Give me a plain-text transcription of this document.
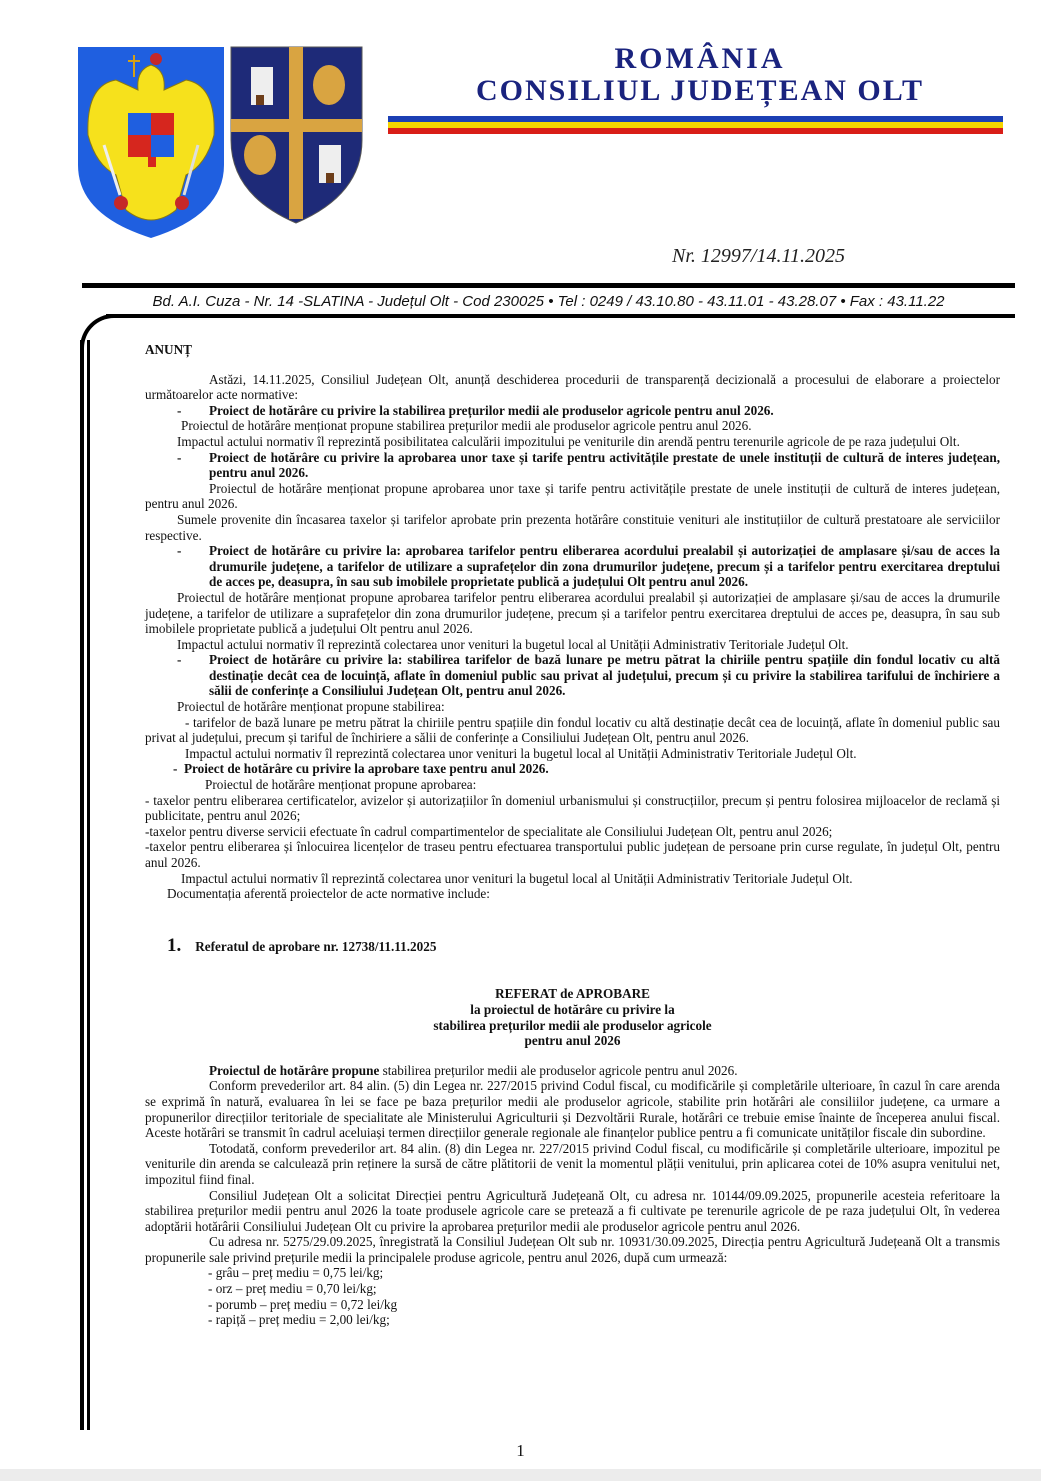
ROMÂNIA
CONSILIUL JUDEȚEAN OLT
Nr. 12997/14.11.2025
Bd. A.I. Cuza - Nr. 14 -SLATINA - Județul Olt - Cod 230025 • Tel : 0249 / 43.10.80 - 43.11.01 - 43.28.07 • Fax : 43.11.22

ANUNȚ

Astăzi, 14.11.2025, Consiliul Județean Olt, anunță deschiderea procedurii de transparență decizională a procesului de elaborare a proiectelor următoarelor acte normative:

-	Proiect de hotărâre cu privire la stabilirea prețurilor medii ale produselor agricole pentru anul 2026.

Proiectul de hotărâre menționat propune stabilirea prețurilor medii ale produselor agricole pentru anul 2026.

Impactul actului normativ îl reprezintă posibilitatea calculării impozitului pe veniturile din arendă pentru terenurile agricole de pe raza județului Olt.

-	Proiect de hotărâre cu privire la aprobarea unor taxe și tarife pentru activitățile prestate de unele instituții de cultură de interes județean, pentru anul 2026.

Proiectul de hotărâre menționat propune aprobarea unor taxe și tarife pentru activitățile prestate de unele instituții de cultură de interes județean, pentru anul 2026.

Sumele provenite din încasarea taxelor și tarifelor aprobate prin prezenta hotărâre constituie venituri ale instituțiilor de cultură prestatoare ale serviciilor respective.

-	Proiect de hotărâre cu privire la: aprobarea tarifelor pentru eliberarea acordului prealabil și autorizației de amplasare și/sau de acces la drumurile județene, a tarifelor de utilizare a suprafețelor din zona drumurilor județene, precum și a tarifelor pentru exercitarea dreptului de acces pe, deasupra, în sau sub imobilele proprietate publică a județului Olt pentru anul 2026.

Proiectul de hotărâre menționat propune aprobarea tarifelor pentru eliberarea acordului prealabil și autorizației de amplasare și/sau de acces la drumurile județene, a tarifelor de utilizare a suprafețelor din zona drumurilor județene, precum și a tarifelor pentru exercitarea dreptului de acces pe, deasupra, în sau sub imobilele proprietate publică a județului Olt pentru anul 2026.

Impactul actului normativ îl reprezintă colectarea unor venituri la bugetul local al Unității Administrativ Teritoriale Județul Olt.

-	Proiect de hotărâre cu privire la: stabilirea tarifelor de bază lunare pe metru pătrat la chiriile pentru spațiile din fondul locativ cu altă destinație decât cea de locuință, aflate în domeniul public sau privat al județului, precum și cu privire la stabilirea tarifului de închiriere a sălii de conferințe a Consiliului Județean Olt, pentru anul 2026.

Proiectul de hotărâre menționat propune stabilirea:

- tarifelor de bază lunare pe metru pătrat la chiriile pentru spațiile din fondul locativ cu altă destinație decât cea de locuință, aflate în domeniul public sau privat al județului, precum și tariful de închiriere a sălii de conferințe a Consiliului Județean Olt, pentru anul 2026.

Impactul actului normativ îl reprezintă colectarea unor venituri la bugetul local al Unității Administrativ Teritoriale Județul Olt.

- Proiect de hotărâre cu privire la aprobare taxe pentru anul 2026.

Proiectul de hotărâre menționat propune aprobarea:

- taxelor pentru eliberarea certificatelor, avizelor și autorizațiilor în domeniul urbanismului și construcțiilor, precum și pentru folosirea mijloacelor de reclamă și publicitate, pentru anul 2026;

-taxelor pentru diverse servicii efectuate în cadrul compartimentelor de specialitate ale Consiliului Județean Olt, pentru anul 2026;

-taxelor pentru eliberarea și înlocuirea licențelor de traseu pentru efectuarea transportului public județean de persoane prin curse regulate, în județul Olt, pentru anul 2026.

Impactul actului normativ îl reprezintă colectarea unor venituri la bugetul local al Unității Administrativ Teritoriale Județul Olt.

Documentația aferentă proiectelor de acte normative include:

1. Referatul de aprobare nr. 12738/11.11.2025

REFERAT de APROBARE

la proiectul de hotărâre cu privire la

stabilirea prețurilor medii ale produselor agricole

pentru anul 2026

Proiectul de hotărâre propune stabilirea prețurilor medii ale produselor agricole pentru anul 2026.

Conform prevederilor art. 84 alin. (5) din Legea nr. 227/2015 privind Codul fiscal, cu modificările și completările ulterioare, în cazul în care arenda se exprimă în natură, evaluarea în lei se face pe baza prețurilor medii ale produselor agricole, stabilite prin hotărâri ale consiliilor județene, ca urmare a propunerilor direcțiilor teritoriale de specialitate ale Ministerului Agriculturii și Dezvoltării Rurale, hotărâri ce trebuie emise înainte de începerea anului fiscal. Aceste hotărâri se transmit în cadrul aceluiași termen direcțiilor generale regionale ale finanțelor publice pentru a fi comunicate unităților fiscale din subordine.

Totodată, conform prevederilor art. 84 alin. (8) din Legea nr. 227/2015 privind Codul fiscal, cu modificările și completările ulterioare, impozitul pe veniturile din arenda se calculează prin reținere la sursă de către plătitorii de venit la momentul plății venitului, prin aplicarea cotei de 10% asupra venitului net, impozitul fiind final.

Consiliul Județean Olt a solicitat Direcției pentru Agricultură Județeană Olt, cu adresa nr. 10144/09.09.2025, propunerile acesteia referitoare la stabilirea prețurilor medii pentru anul 2026 la toate produsele agricole care se pretează a fi cultivate pe terenurile agricole de pe raza județului Olt, în vederea adoptării hotărârii Consiliului Județean Olt cu privire la aprobarea prețurilor medii ale produselor agricole pentru anul 2026.

Cu adresa nr. 5275/29.09.2025, înregistrată la Consiliul Județean Olt sub nr. 10931/30.09.2025, Direcția pentru Agricultură Județeană Olt a transmis propunerile sale privind prețurile medii la principalele produse agricole, pentru anul 2026, după cum urmează:

- grâu – preț mediu = 0,75 lei/kg;

- orz – preț mediu = 0,70 lei/kg;

- porumb – preț mediu = 0,72 lei/kg

- rapiță – preț mediu = 2,00 lei/kg;

1
